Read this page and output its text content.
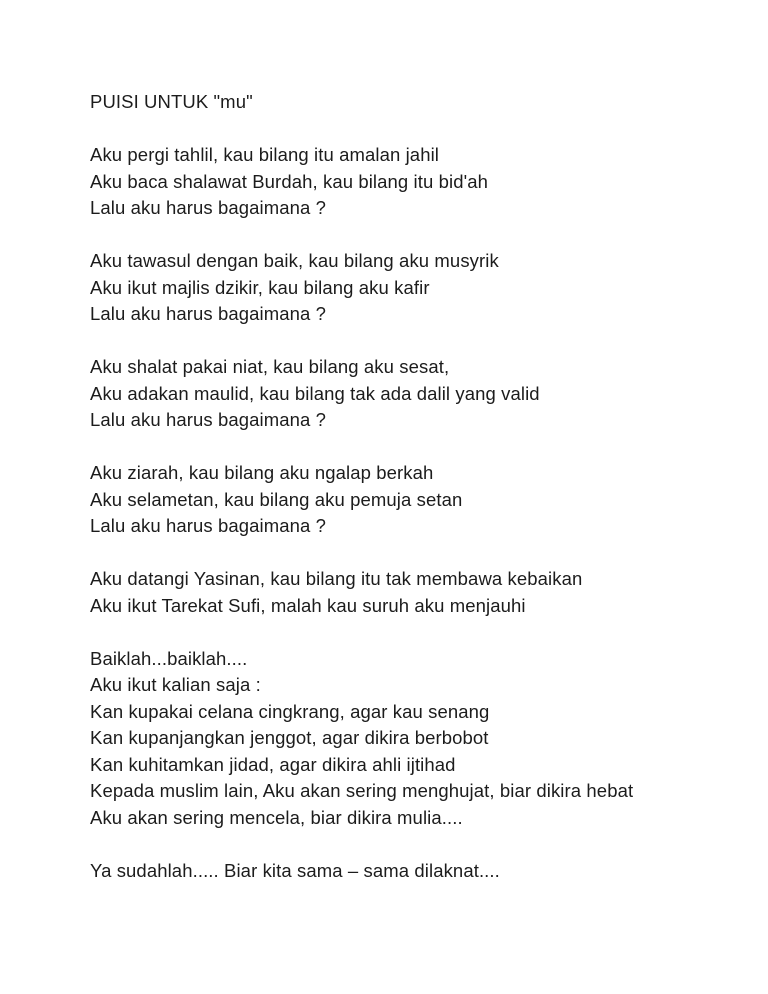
PUISI UNTUK "mu"
Aku pergi tahlil, kau bilang itu amalan jahil
Aku baca shalawat Burdah, kau bilang itu bid'ah
Lalu aku harus bagaimana ?
Aku tawasul dengan baik, kau bilang aku musyrik
Aku ikut majlis dzikir, kau bilang aku kafir
Lalu aku harus bagaimana ?
Aku shalat pakai niat, kau bilang aku sesat,
Aku adakan maulid, kau bilang tak ada dalil yang valid
Lalu aku harus bagaimana ?
Aku ziarah, kau bilang aku ngalap berkah
Aku selametan, kau bilang aku pemuja setan
Lalu aku harus bagaimana ?
Aku datangi Yasinan, kau bilang itu tak membawa kebaikan
Aku ikut Tarekat Sufi, malah kau suruh aku menjauhi
Baiklah...baiklah....
Aku ikut kalian saja :
Kan kupakai celana cingkrang, agar kau senang
Kan kupanjangkan jenggot, agar dikira berbobot
Kan kuhitamkan jidad, agar dikira ahli ijtihad
Kepada muslim lain, Aku akan sering menghujat, biar dikira hebat
Aku akan sering mencela, biar dikira mulia....
Ya sudahlah..... Biar kita sama – sama dilaknat....
